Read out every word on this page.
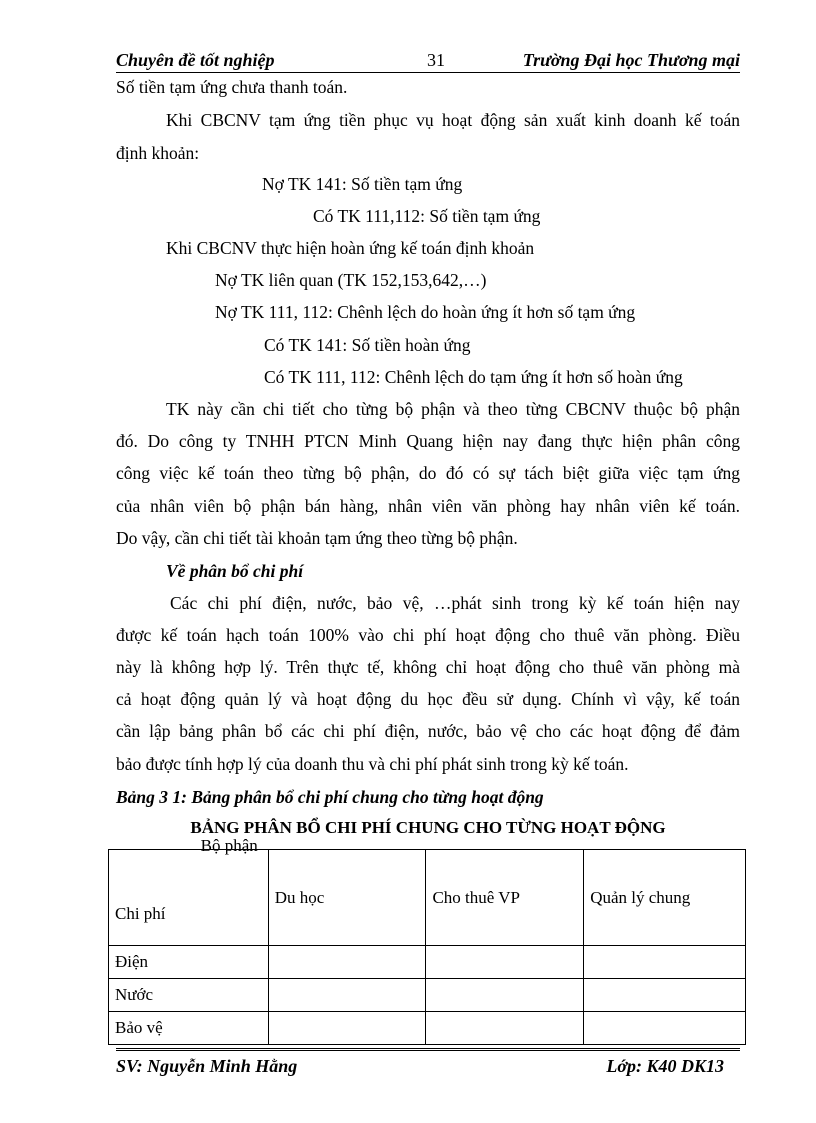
Chuyên đề tốt nghiệp	31	Trường Đại học Thương mại
Số tiền tạm ứng chưa thanh toán.
Khi CBCNV tạm ứng tiền phục vụ hoạt động sản xuất kinh doanh kế toán
định khoản:
Nợ TK 141: Số tiền tạm ứng
Có TK 111,112: Số tiền tạm ứng
Khi CBCNV thực hiện hoàn ứng kế toán định khoản
Nợ TK liên quan (TK 152,153,642,…)
Nợ TK 111, 112: Chênh lệch do hoàn ứng ít hơn số tạm ứng
Có TK 141: Số tiền hoàn ứng
Có TK 111, 112: Chênh lệch do tạm ứng ít hơn số hoàn ứng
TK này cần chi tiết cho từng bộ phận và theo từng CBCNV thuộc bộ phận
đó. Do công ty TNHH PTCN Minh Quang hiện nay đang thực hiện phân công
công việc kế toán theo từng bộ phận, do đó có sự tách biệt giữa việc tạm ứng
của nhân viên bộ phận bán hàng, nhân viên văn phòng hay nhân viên kế toán.
Do vậy, cần chi tiết tài khoản tạm ứng theo từng bộ phận.
Về phân bổ chi phí
Các chi phí điện, nước, bảo vệ, …phát sinh trong kỳ kế toán hiện nay
được kế toán hạch toán 100% vào chi phí hoạt động cho thuê văn phòng. Điều
này là không hợp lý. Trên thực tế, không chỉ hoạt động cho thuê văn phòng mà
cả hoạt động quản lý và hoạt động du học đều sử dụng. Chính vì vậy, kế toán
cần lập bảng phân bổ các chi phí điện, nước, bảo vệ cho các hoạt động để đảm
bảo được tính hợp lý của doanh thu và chi phí phát sinh trong kỳ kế toán.
Bảng 3 1: Bảng phân bổ chi phí chung cho từng hoạt động
BẢNG PHÂN BỔ CHI PHÍ CHUNG CHO TỪNG HOẠT ĐỘNG
Bộ phận
Chi phí	Du học	Cho thuê VP	Quản lý chung
Điện			
Nước			
Bảo vệ			
SV: Nguyễn Minh Hằng	Lớp: K40 DK13
